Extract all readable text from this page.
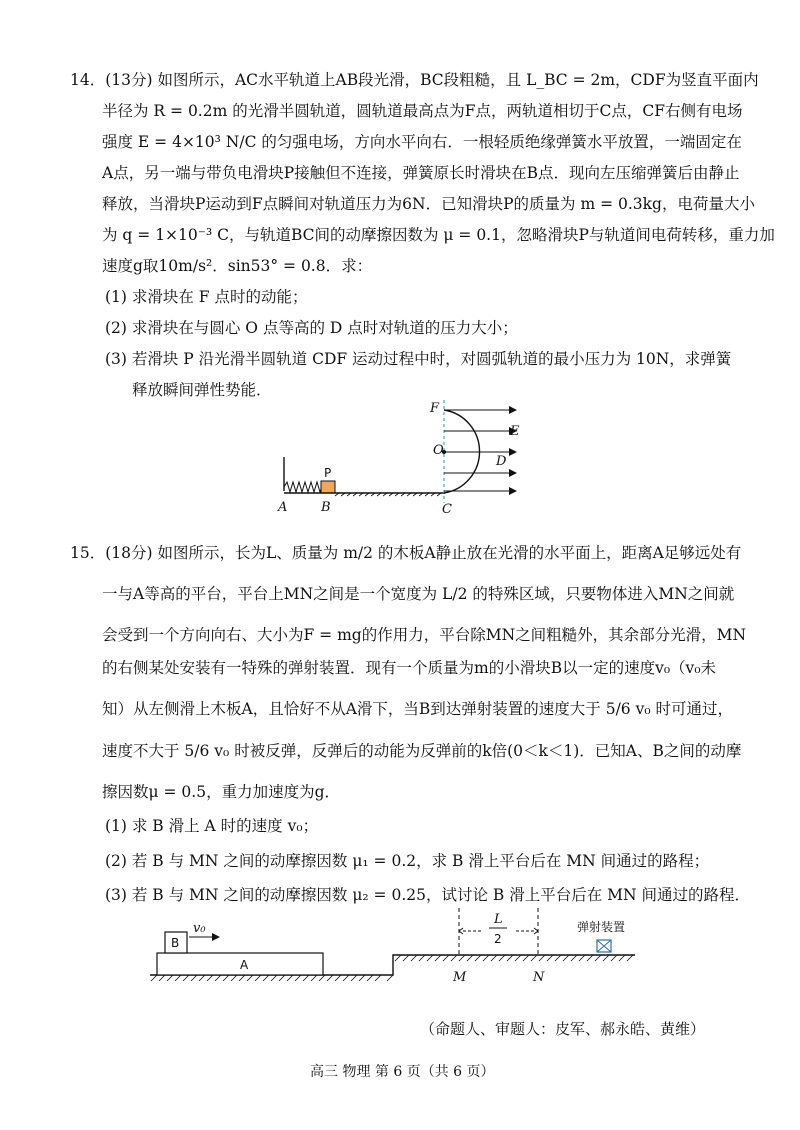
14．(13分) 如图所示，AC水平轨道上AB段光滑，BC段粗糙，且 L_BC = 2m，CDF为竖直平面内
半径为 R = 0.2m 的光滑半圆轨道，圆轨道最高点为F点，两轨道相切于C点，CF右侧有电场
强度 E = 4×10³ N/C 的匀强电场，方向水平向右．一根轻质绝缘弹簧水平放置，一端固定在
A点，另一端与带负电滑块P接触但不连接，弹簧原长时滑块在B点．现向左压缩弹簧后由静止
释放，当滑块P运动到F点瞬间对轨道压力为6N．已知滑块P的质量为 m = 0.3kg，电荷量大小
为 q = 1×10⁻³ C，与轨道BC间的动摩擦因数为 μ = 0.1，忽略滑块P与轨道间电荷转移，重力加
速度g取10m/s²．sin53° = 0.8．求：
(1) 求滑块在 F 点时的动能；
(2) 求滑块在与圆心 O 点等高的 D 点时对轨道的压力大小；
(3) 若滑块 P 沿光滑半圆轨道 CDF 运动过程中时，对圆弧轨道的最小压力为 10N，求弹簧
释放瞬间弹性势能．
A	B	C
P
F
O
D
E
15．(18分) 如图所示，长为L、质量为 m/2 的木板A静止放在光滑的水平面上，距离A足够远处有
一与A等高的平台，平台上MN之间是一个宽度为 L/2 的特殊区域，只要物体进入MN之间就
会受到一个方向向右、大小为F = mg的作用力，平台除MN之间粗糙外，其余部分光滑，MN
的右侧某处安装有一特殊的弹射装置．现有一个质量为m的小滑块B以一定的速度v₀（v₀未
知）从左侧滑上木板A，且恰好不从A滑下，当B到达弹射装置的速度大于 5/6 v₀ 时可通过，
速度不大于 5/6 v₀ 时被反弹，反弹后的动能为反弹前的k倍(0＜k＜1)．已知A、B之间的动摩
擦因数μ = 0.5，重力加速度为g．
(1) 求 B 滑上 A 时的速度 v₀；
(2) 若 B 与 MN 之间的动摩擦因数 μ₁ = 0.2，求 B 滑上平台后在 MN 间通过的路程；
(3) 若 B 与 MN 之间的动摩擦因数 μ₂ = 0.25，试讨论 B 滑上平台后在 MN 间通过的路程．
A
B
v₀
L
2
弹射装置
M	N
（命题人、审题人：皮军、郝永皓、黄维）
高三 物理 第 6 页（共 6 页）
